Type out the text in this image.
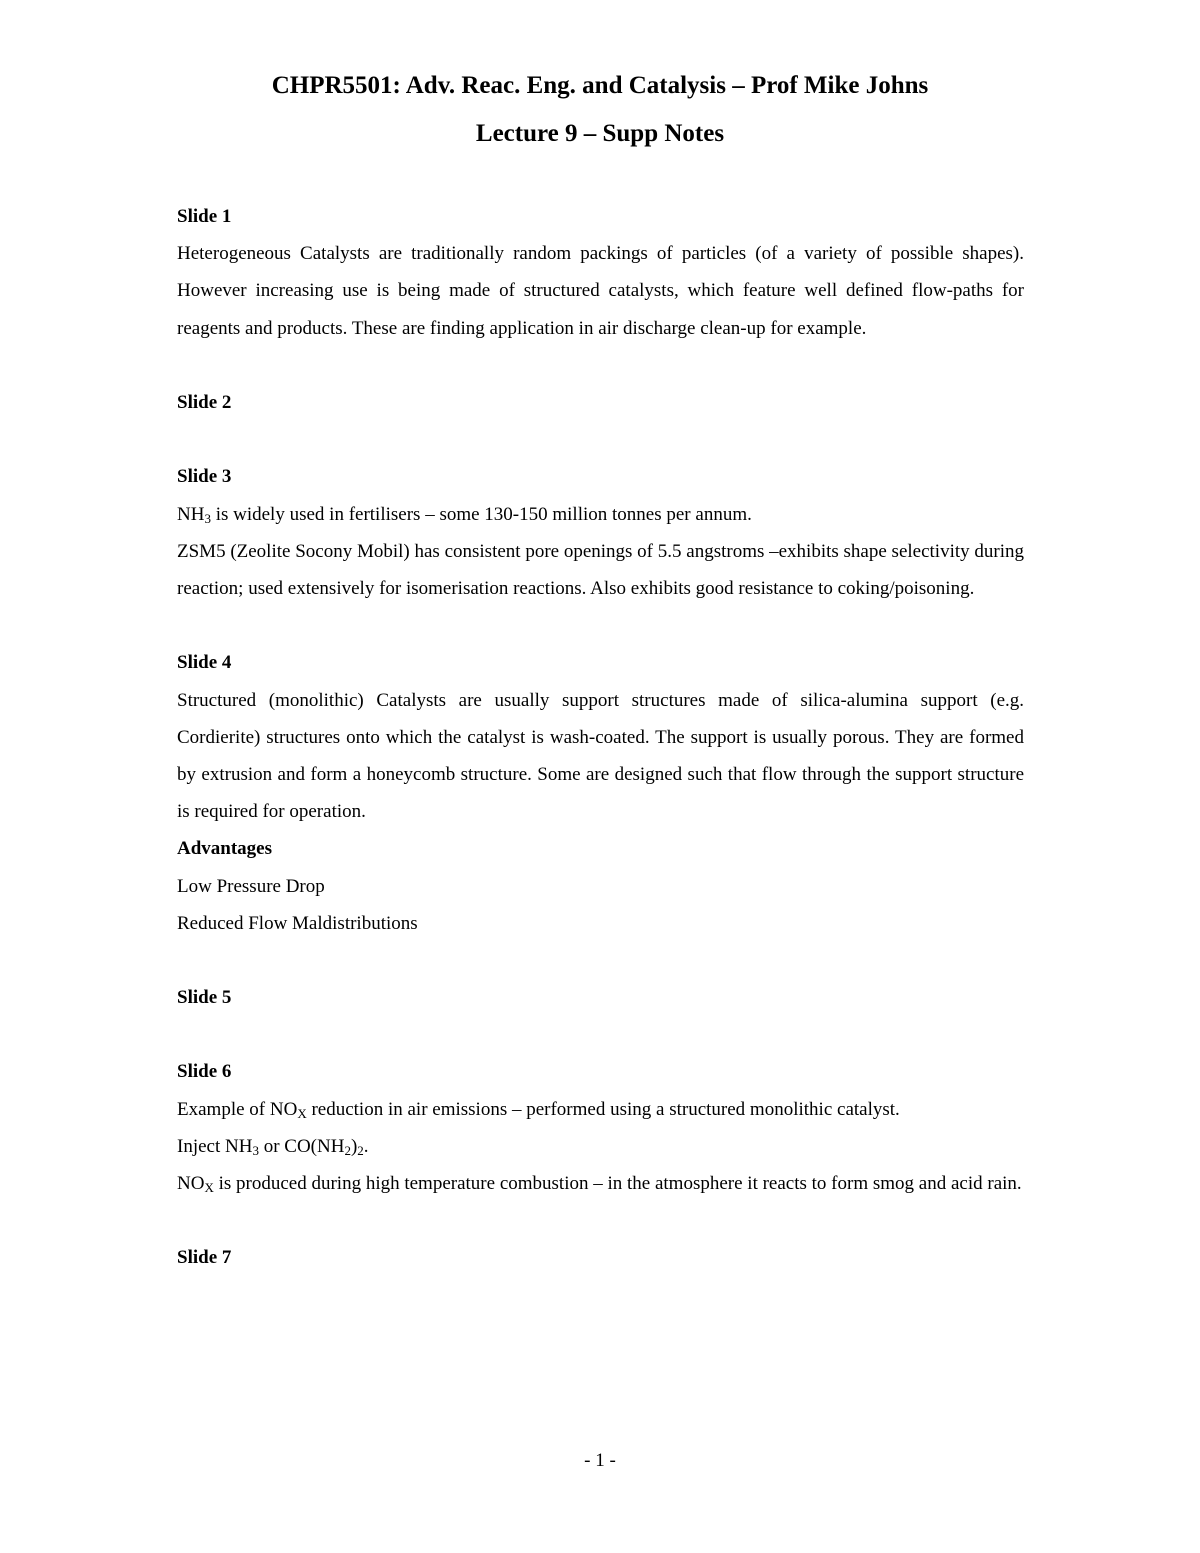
CHPR5501: Adv. Reac. Eng. and Catalysis – Prof Mike Johns
Lecture 9 – Supp Notes
Slide 1

Heterogeneous Catalysts are traditionally random packings of particles (of a variety of possible shapes). However increasing use is being made of structured catalysts, which feature well defined flow-paths for reagents and products. These are finding application in air discharge clean-up for example.

Slide 2
Slide 3
$NH_3$ is widely used in fertilisers – some 130-150 million tonnes per annum.

ZSM5 (Zeolite Socony Mobil) has consistent pore openings of 5.5 angstroms –exhibits shape selectivity during reaction; used extensively for isomerisation reactions. Also exhibits good resistance to coking/poisoning.

Slide 4

Structured (monolithic) Catalysts are usually support structures made of silica-alumina support (e.g. Cordierite) structures onto which the catalyst is wash-coated. The support is usually porous. They are formed by extrusion and form a honeycomb structure. Some are designed such that flow through the support structure is required for operation.

Advantages
Low Pressure Drop
Reduced Flow Maldistributions
Slide 5
Slide 6
Example of $NO_X$ reduction in air emissions – performed using a structured monolithic catalyst.
Inject $NH_3$ or $CO(NH_2)_2$.

$NO_X$ is produced during high temperature combustion – in the atmosphere it reacts to form smog and acid rain.

Slide 7
- 1 -
